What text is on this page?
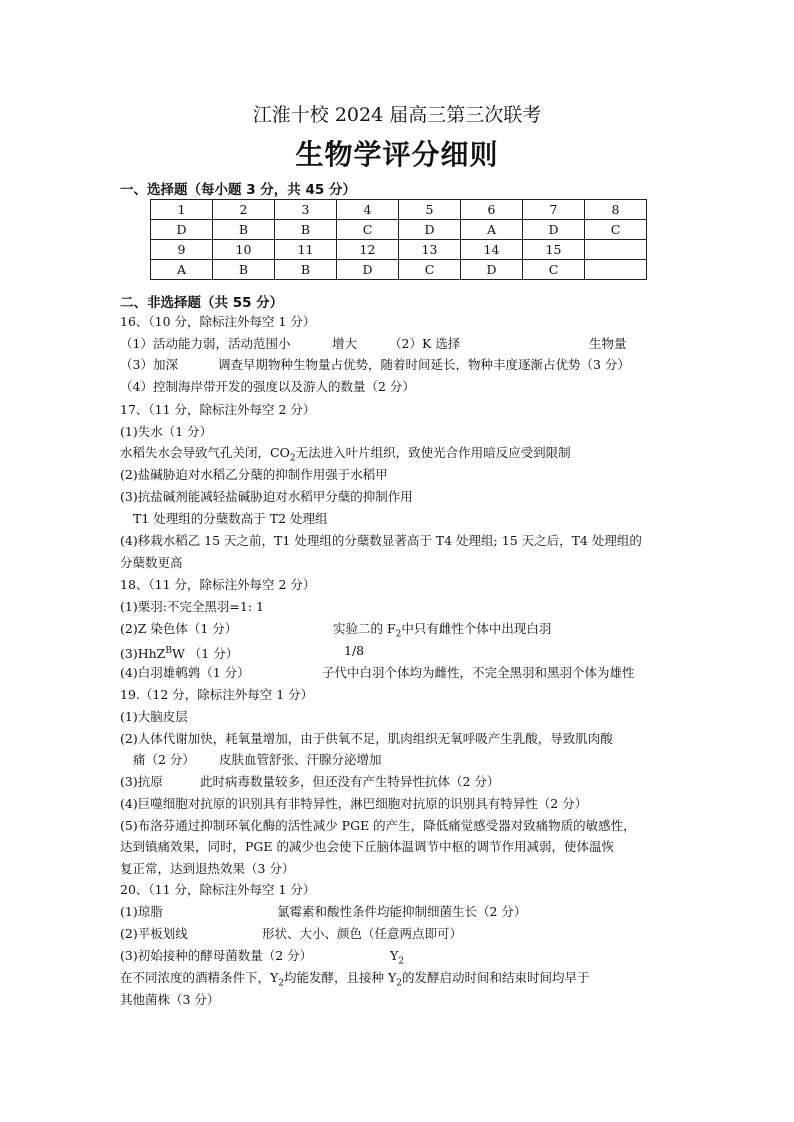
江淮十校 2024 届高三第三次联考
生物学评分细则
一、选择题（每小题 3 分，共 45 分）
1	2	3	4	5	6	7	8
D	B	B	C	D	A	D	C
9	10	11	12	13	14	15	
A	B	B	D	C	D	C	
二、非选择题（共 55 分）
16、（10 分，除标注外每空 1 分）
（1）活动能力弱，活动范围小	增大	（2）K 选择	生物量
（3）加深	调查早期物种生物量占优势，随着时间延长，物种丰度逐渐占优势（3 分）
（4）控制海岸带开发的强度以及游人的数量（2 分）
17、（11 分，除标注外每空 2 分）
(1)失水（1 分）
水稻失水会导致气孔关闭，$CO_2$无法进入叶片组织，致使光合作用暗反应受到限制
(2)盐碱胁迫对水稻乙分蘖的抑制作用强于水稻甲
(3)抗盐碱剂能减轻盐碱胁迫对水稻甲分蘖的抑制作用
T1 处理组的分蘖数高于 T2 处理组
(4)移栽水稻乙 15 天之前，T1 处理组的分蘖数显著高于 T4 处理组; 15 天之后，T4 处理组的
分蘖数更高
18、（11 分，除标注外每空 2 分）
(1)栗羽:不完全黑羽=1: 1
(2)Z 染色体（1 分）	实验二的 $F_2$中只有雌性个体中出现白羽
(3)HhZ$^B$W （1 分）	1/8
(4)白羽雄鹌鹑（1 分）	子代中白羽个体均为雌性，不完全黑羽和黑羽个体为雄性
19.（12 分，除标注外每空 1 分）
(1)大脑皮层
(2)人体代谢加快，耗氧量增加，由于供氧不足，肌肉组织无氧呼吸产生乳酸，导致肌肉酸
痛（2 分） 皮肤血管舒张、汗腺分泌增加
(3)抗原	此时病毒数量较多，但还没有产生特异性抗体（2 分）
(4)巨噬细胞对抗原的识别具有非特异性，淋巴细胞对抗原的识别具有特异性（2 分）
(5)布洛芬通过抑制环氧化酶的活性减少 PGE 的产生，降低痛觉感受器对致痛物质的敏感性，
达到镇痛效果，同时，PGE 的减少也会使下丘脑体温调节中枢的调节作用减弱，使体温恢
复正常，达到退热效果（3 分）
20、（11 分，除标注外每空 1 分）
(1)琼脂	氯霉素和酸性条件均能抑制细菌生长（2 分）
(2)平板划线	形状、大小、颜色（任意两点即可）
(3)初始接种的酵母菌数量（2 分）	$Y_2$
在不同浓度的酒精条件下，$Y_2$均能发酵，且接种 $Y_2$的发酵启动时间和结束时间均早于
其他菌株（3 分）
